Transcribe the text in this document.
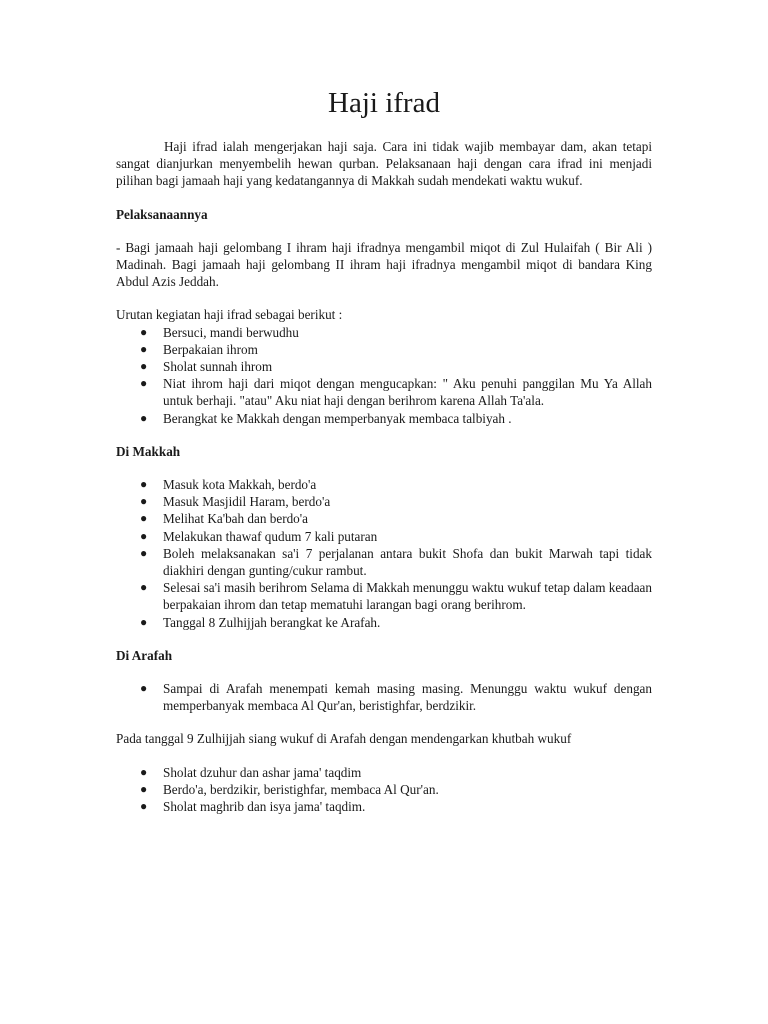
Haji ifrad

Haji ifrad ialah mengerjakan haji saja. Cara ini tidak wajib membayar dam, akan tetapi sangat dianjurkan menyembelih hewan qurban. Pelaksanaan haji dengan cara ifrad ini menjadi pilihan bagi jamaah haji yang kedatangannya di Makkah sudah mendekati waktu wukuf.

Pelaksanaannya

- Bagi jamaah haji gelombang I ihram haji ifradnya mengambil miqot di Zul Hulaifah ( Bir Ali ) Madinah. Bagi jamaah haji gelombang II ihram haji ifradnya mengambil miqot di bandara King Abdul Azis Jeddah.

Urutan kegiatan haji ifrad sebagai berikut :

● Bersuci, mandi berwudhu
● Berpakaian ihrom
● Sholat sunnah ihrom
● Niat ihrom haji dari miqot dengan mengucapkan: " Aku penuhi panggilan Mu Ya Allah untuk berhaji. "atau" Aku niat haji dengan berihrom karena Allah Ta'ala.
● Berangkat ke Makkah dengan memperbanyak membaca talbiyah .

Di Makkah

● Masuk kota Makkah, berdo'a
● Masuk Masjidil Haram, berdo'a
● Melihat Ka'bah dan berdo'a
● Melakukan thawaf qudum 7 kali putaran
● Boleh melaksanakan sa'i 7 perjalanan antara bukit Shofa dan bukit Marwah tapi tidak diakhiri dengan gunting/cukur rambut.
● Selesai sa'i masih berihrom Selama di Makkah menunggu waktu wukuf tetap dalam keadaan berpakaian ihrom dan tetap mematuhi larangan bagi orang berihrom.
● Tanggal 8 Zulhijjah berangkat ke Arafah.

Di Arafah

● Sampai di Arafah menempati kemah masing masing. Menunggu waktu wukuf dengan memperbanyak membaca Al Qur'an, beristighfar, berdzikir.

Pada tanggal 9 Zulhijjah siang wukuf di Arafah dengan mendengarkan khutbah wukuf

● Sholat dzuhur dan ashar jama' taqdim
● Berdo'a, berdzikir, beristighfar, membaca Al Qur'an.
● Sholat maghrib dan isya jama' taqdim.
